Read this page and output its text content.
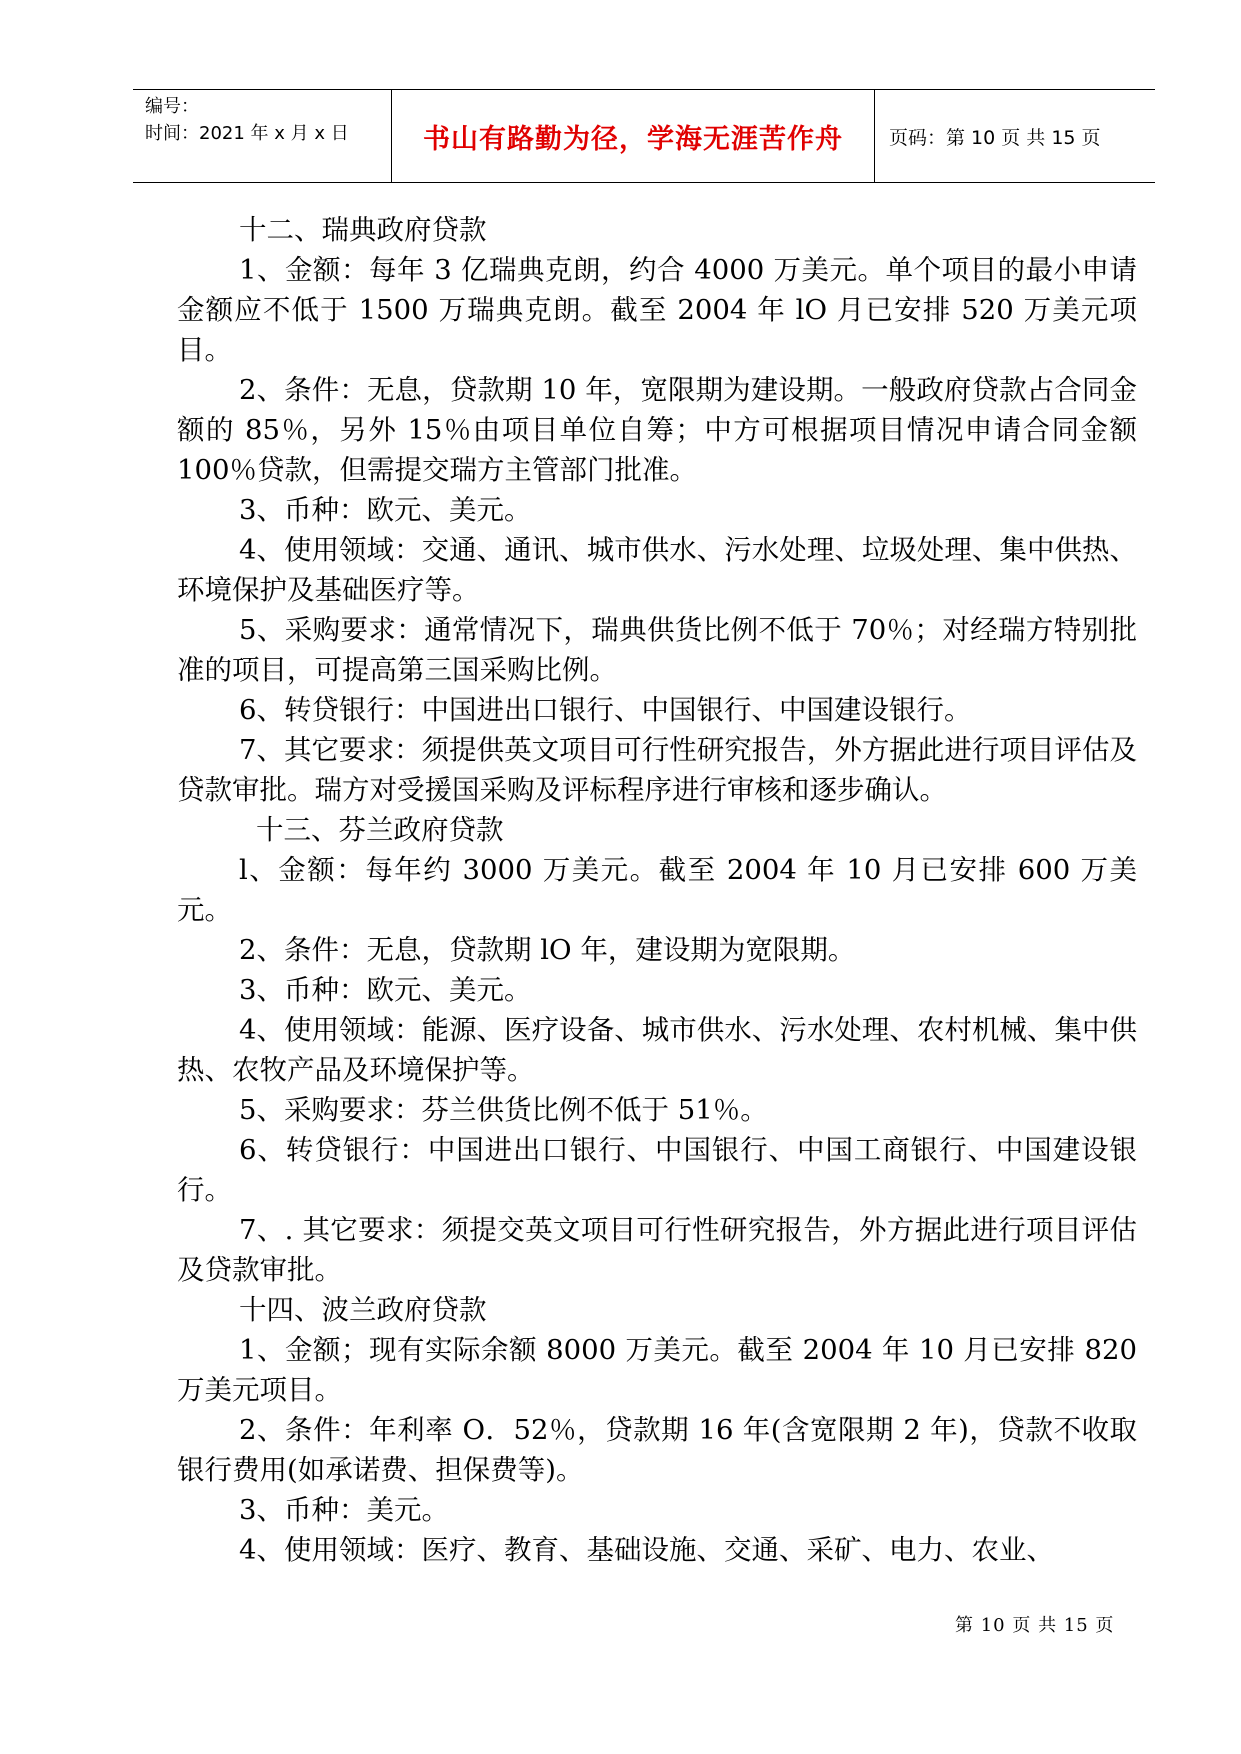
编号：
时间：2021 年 x 月 x 日	书山有路勤为径，学海无涯苦作舟	页码：第 10 页 共 15 页

十二、瑞典政府贷款

1、金额：每年 3 亿瑞典克朗，约合 4000 万美元。单个项目的最小申请金额应不低于 1500 万瑞典克朗。截至 2004 年 lO 月已安排 520 万美元项目。

2、条件：无息，贷款期 10 年，宽限期为建设期。一般政府贷款占合同金额的 85％，另外 15％由项目单位自筹；中方可根据项目情况申请合同金额 100％贷款，但需提交瑞方主管部门批准。

3、币种：欧元、美元。

4、使用领域：交通、通讯、城市供水、污水处理、垃圾处理、集中供热、环境保护及基础医疗等。

5、采购要求：通常情况下，瑞典供货比例不低于 70％；对经瑞方特别批准的项目，可提高第三国采购比例。

6、转贷银行：中国进出口银行、中国银行、中国建设银行。

7、其它要求：须提供英文项目可行性研究报告，外方据此进行项目评估及贷款审批。瑞方对受援国采购及评标程序进行审核和逐步确认。

十三、芬兰政府贷款

l、金额：每年约 3000 万美元。截至 2004 年 10 月已安排 600 万美元。

2、条件：无息，贷款期 lO 年，建设期为宽限期。

3、币种：欧元、美元。

4、使用领域：能源、医疗设备、城市供水、污水处理、农村机械、集中供热、农牧产品及环境保护等。

5、采购要求：芬兰供货比例不低于 51％。

6、转贷银行：中国进出口银行、中国银行、中国工商银行、中国建设银行。

7、. 其它要求：须提交英文项目可行性研究报告，外方据此进行项目评估及贷款审批。

十四、波兰政府贷款

1、金额；现有实际余额 8000 万美元。截至 2004 年 10 月已安排 820 万美元项目。

2、条件：年利率 O．52％，贷款期 16 年(含宽限期 2 年)，贷款不收取银行费用(如承诺费、担保费等)。

3、币种：美元。

4、使用领域：医疗、教育、基础设施、交通、采矿、电力、农业、

第 10 页 共 15 页
